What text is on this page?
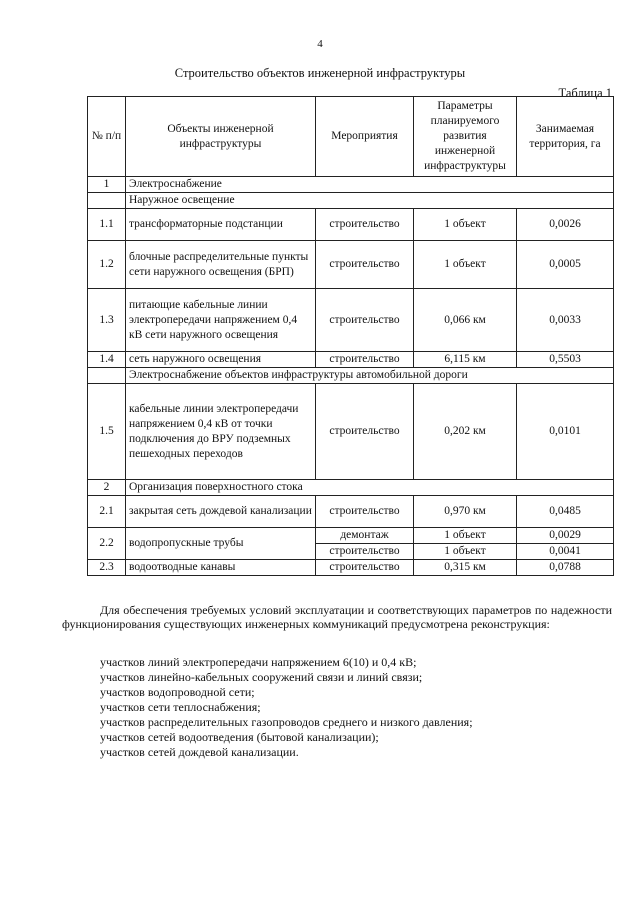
4
Строительство объектов инженерной инфраструктуры
Таблица 1
№ п/п	Объекты инженерной инфраструктуры	Мероприятия	Параметры планируемого развития инженерной инфраструктуры	Занимаемая территория, га
1	Электроснабжение			
	Наружное освещение			
1.1	трансформаторные подстанции	строительство	1 объект	0,0026
1.2	блочные распределительные пункты сети наружного освещения (БРП)	строительство	1 объект	0,0005
1.3	питающие кабельные линии электропередачи напряжением 0,4 кВ сети наружного освещения	строительство	0,066 км	0,0033
1.4	сеть наружного освещения	строительство	6,115 км	0,5503
	Электроснабжение объектов инфраструктуры автомобильной дороги			
1.5	кабельные линии электропередачи напряжением 0,4 кВ от точки подключения до ВРУ подземных пешеходных переходов	строительство	0,202 км	0,0101
2	Организация поверхностного стока			
2.1	закрытая сеть дождевой канализации	строительство	0,970 км	0,0485
2.2	водопропускные трубы	демонтаж	1 объект	0,0029
		строительство	1 объект	0,0041
2.3	водоотводные канавы	строительство	0,315 км	0,0788
Для обеспечения требуемых условий эксплуатации и соответствующих параметров по надежности функционирования существующих инженерных коммуникаций предусмотрена реконструкция:
участков линий электропередачи напряжением 6(10) и 0,4 кВ;
участков линейно-кабельных сооружений связи и линий связи;
участков водопроводной сети;
участков сети теплоснабжения;
участков распределительных газопроводов среднего и низкого давления;
участков сетей водоотведения (бытовой канализации);
участков сетей дождевой канализации.
